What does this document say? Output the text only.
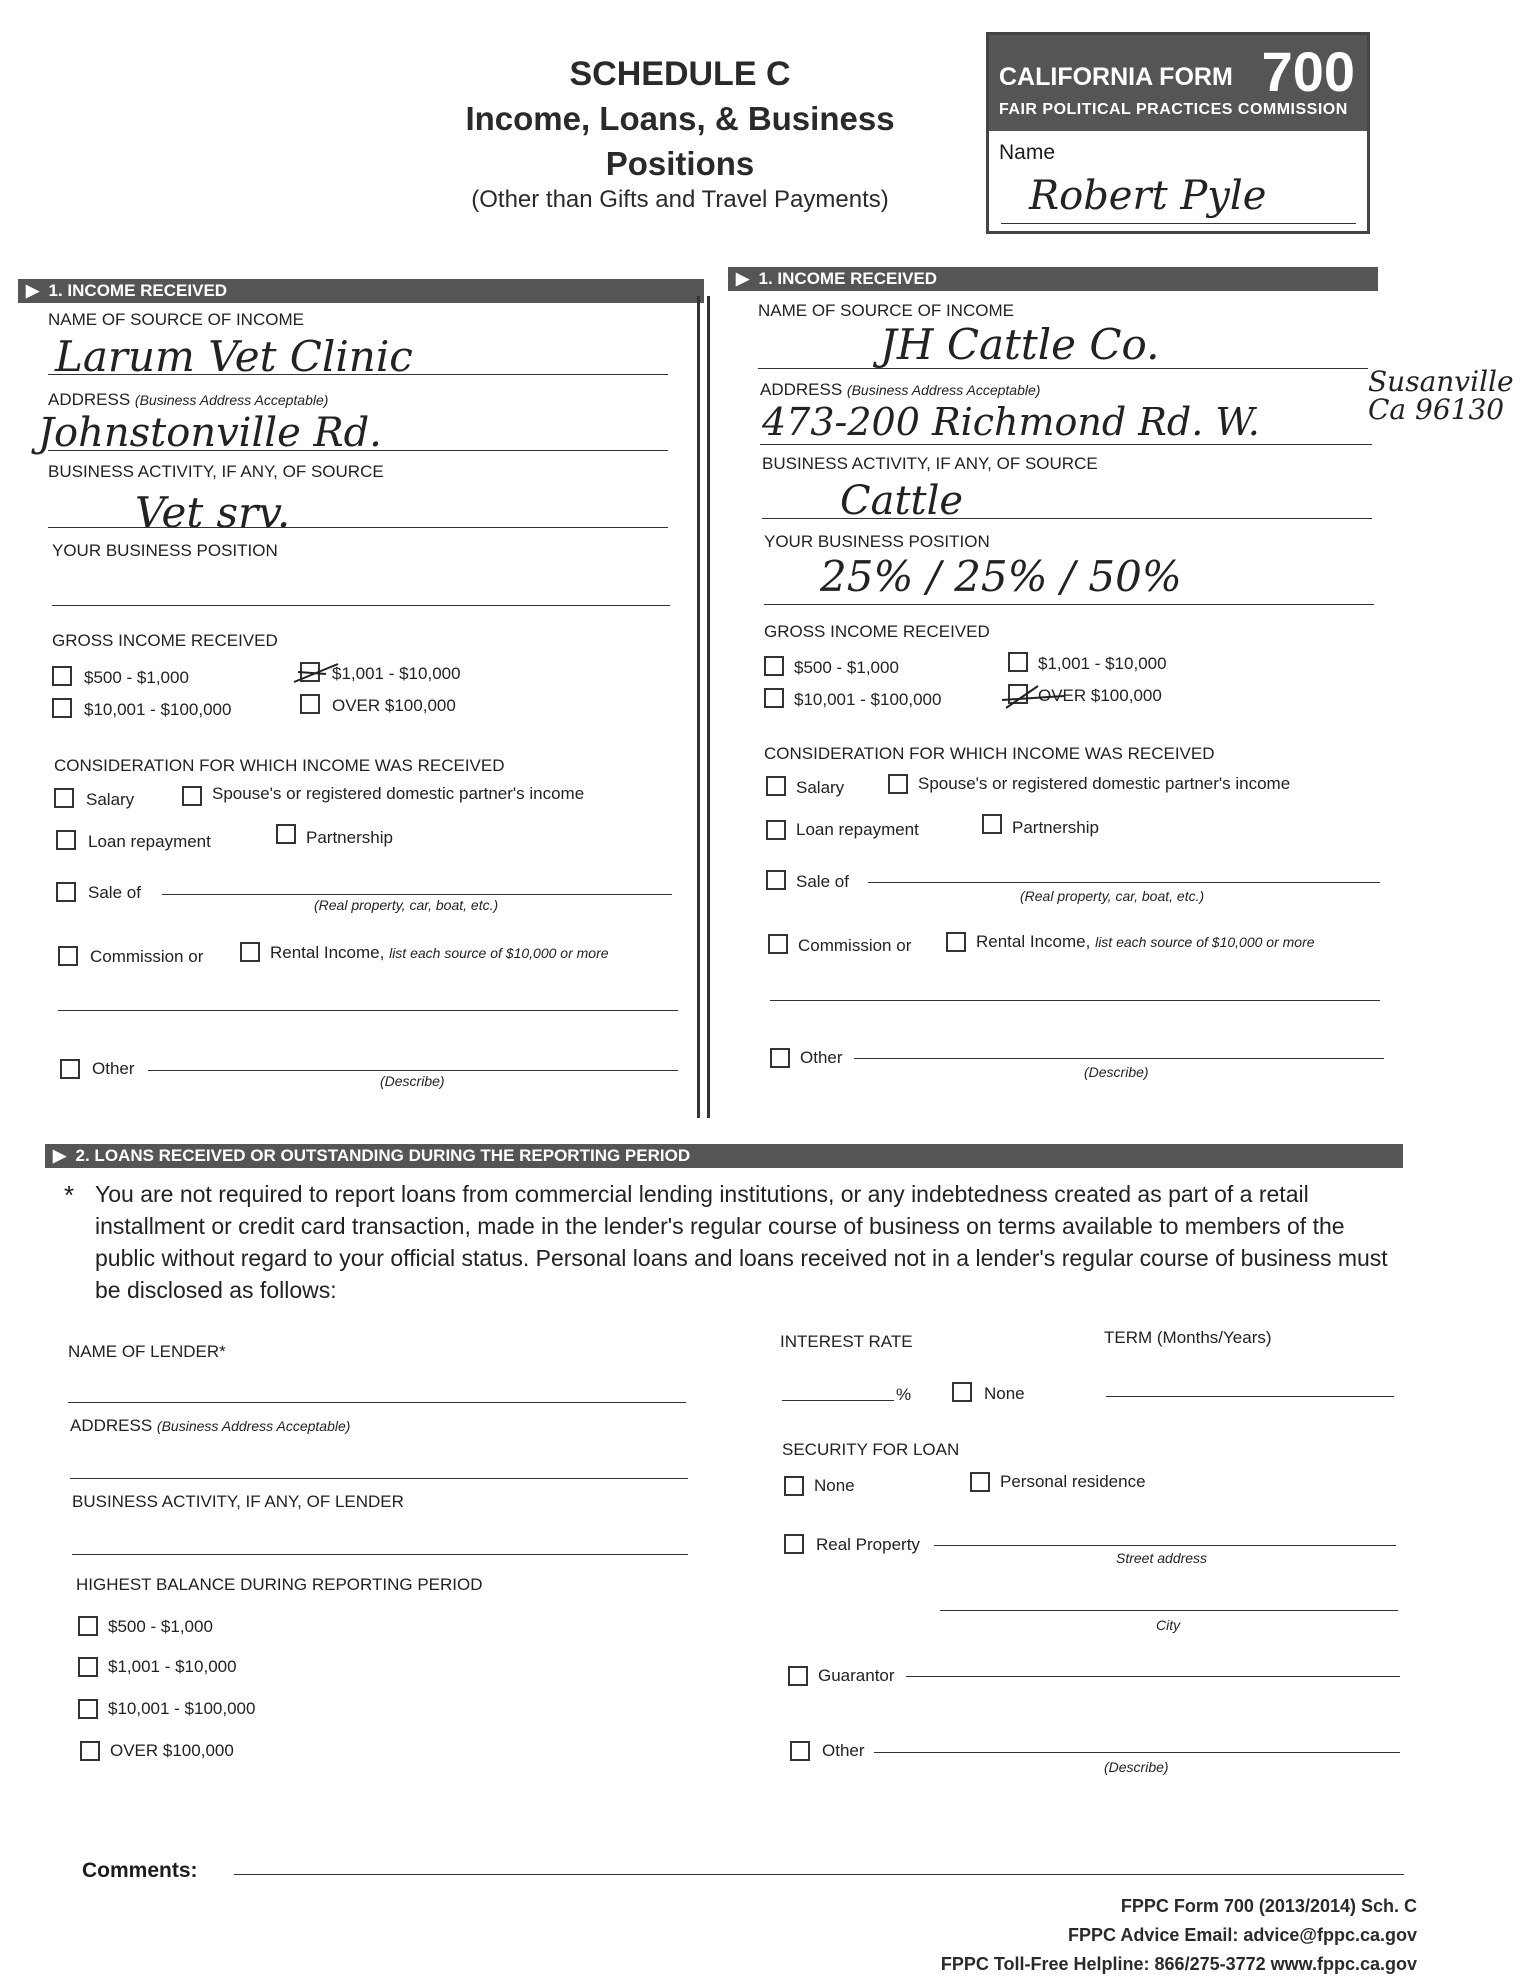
SCHEDULE C
Income, Loans, & Business
Positions
(Other than Gifts and Travel Payments)
CALIFORNIA FORM 700
FAIR POLITICAL PRACTICES COMMISSION
Name
Robert Pyle
▶  1. INCOME RECEIVED
NAME OF SOURCE OF INCOME
Larum Vet Clinic
ADDRESS (Business Address Acceptable)
Johnstonville Rd.
BUSINESS ACTIVITY, IF ANY, OF SOURCE
Vet srv.
YOUR BUSINESS POSITION
GROSS INCOME RECEIVED
$500 - $1,000	$1,001 - $10,000
$10,001 - $100,000	OVER $100,000
CONSIDERATION FOR WHICH INCOME WAS RECEIVED
Salary	Spouse's or registered domestic partner's income
Loan repayment	Partnership
Sale of
(Real property, car, boat, etc.)
Commission or	Rental Income, list each source of $10,000 or more
Other
(Describe)
▶  1. INCOME RECEIVED
NAME OF SOURCE OF INCOME
JH Cattle Co.
ADDRESS (Business Address Acceptable)
473-200 Richmond Rd. W.
Susanville Ca 96130
BUSINESS ACTIVITY, IF ANY, OF SOURCE
Cattle
YOUR BUSINESS POSITION
25% / 25% / 50%
GROSS INCOME RECEIVED
$500 - $1,000	$1,001 - $10,000
$10,001 - $100,000	OVER $100,000
CONSIDERATION FOR WHICH INCOME WAS RECEIVED
Salary	Spouse's or registered domestic partner's income
Loan repayment	Partnership
Sale of
(Real property, car, boat, etc.)
Commission or	Rental Income, list each source of $10,000 or more
Other
(Describe)
▶  2. LOANS RECEIVED OR OUTSTANDING DURING THE REPORTING PERIOD
* You are not required to report loans from commercial lending institutions, or any indebtedness created as part of a retail installment or credit card transaction, made in the lender's regular course of business on terms available to members of the public without regard to your official status. Personal loans and loans received not in a lender's regular course of business must be disclosed as follows:
NAME OF LENDER*
ADDRESS (Business Address Acceptable)
BUSINESS ACTIVITY, IF ANY, OF LENDER
HIGHEST BALANCE DURING REPORTING PERIOD
$500 - $1,000
$1,001 - $10,000
$10,001 - $100,000
OVER $100,000
INTEREST RATE
%	None
TERM (Months/Years)
SECURITY FOR LOAN
None	Personal residence
Real Property
Street address
City
Guarantor
Other
(Describe)
Comments:
FPPC Form 700 (2013/2014) Sch. C
FPPC Advice Email: advice@fppc.ca.gov
FPPC Toll-Free Helpline: 866/275-3772 www.fppc.ca.gov
